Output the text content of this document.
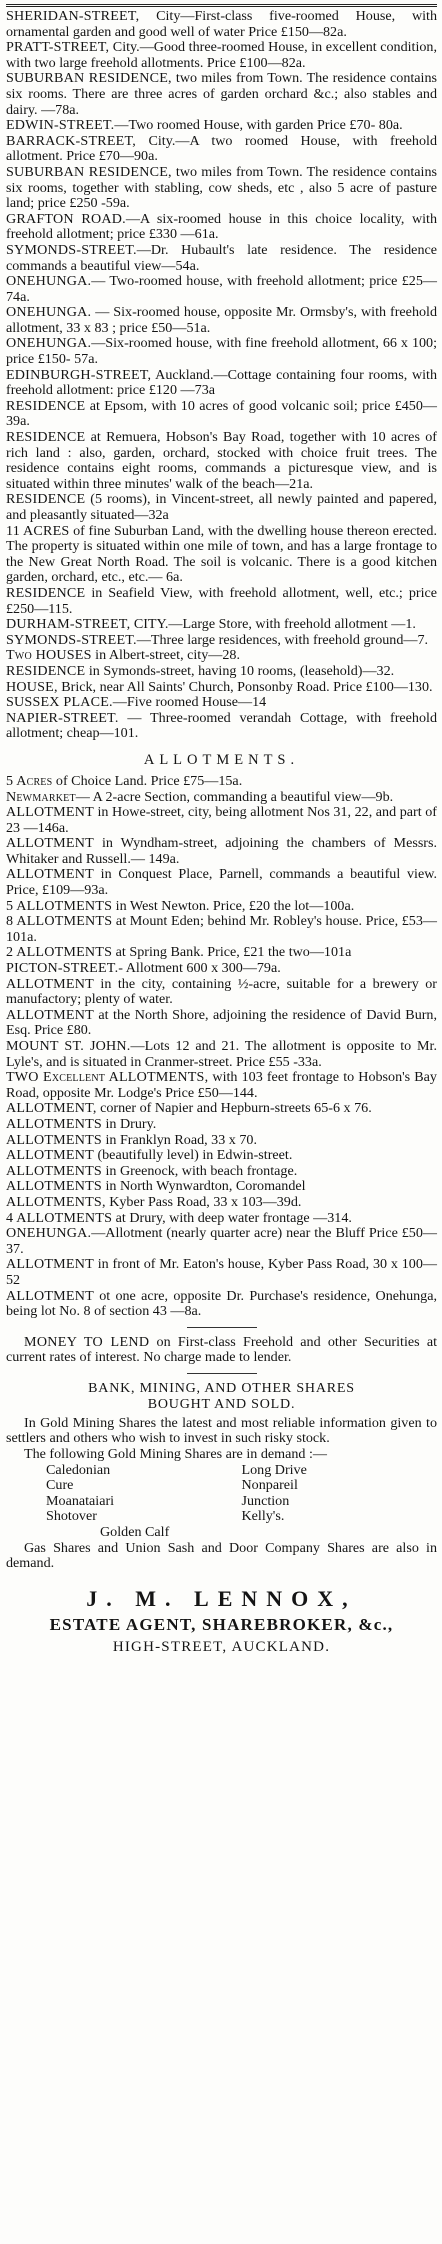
SHERIDAN-STREET, City—First-class five-roomed House, with ornamental garden and good well of water Price £150—82a.

PRATT-STREET, City.—Good three-roomed House, in excellent condition, with two large freehold allotments. Price £100—82a.

SUBURBAN RESIDENCE, two miles from Town. The residence contains six rooms. There are three acres of garden orchard &c.; also stables and dairy. —78a.

EDWIN-STREET.—Two roomed House, with garden Price £70- 80a.

BARRACK-STREET, City.—A two roomed House, with freehold allotment. Price £70—90a.

SUBURBAN RESIDENCE, two miles from Town. The residence contains six rooms, together with stabling, cow sheds, etc , also 5 acre of pasture land; price £250 -59a.

GRAFTON ROAD.—A six-roomed house in this choice locality, with freehold allotment; price £330 —61a.

SYMONDS-STREET.—Dr. Hubault's late residence. The residence commands a beautiful view—54a.

ONEHUNGA.— Two-roomed house, with freehold allotment; price £25—74a.

ONEHUNGA. — Six-roomed house, opposite Mr. Ormsby's, with freehold allotment, 33 x 83 ; price £50—51a.

ONEHUNGA.—Six-roomed house, with fine freehold allotment, 66 x 100; price £150- 57a.

EDINBURGH-STREET, Auckland.—Cottage containing four rooms, with freehold allotment: price £120 —73a

RESIDENCE at Epsom, with 10 acres of good volcanic soil; price £450—39a.

RESIDENCE at Remuera, Hobson's Bay Road, together with 10 acres of rich land : also, garden, orchard, stocked with choice fruit trees. The residence contains eight rooms, commands a picturesque view, and is situated within three minutes' walk of the beach—21a.

RESIDENCE (5 rooms), in Vincent-street, all newly painted and papered, and pleasantly situated—32a

11 ACRES of fine Suburban Land, with the dwelling house thereon erected. The property is situated within one mile of town, and has a large frontage to the New Great North Road. The soil is volcanic. There is a good kitchen garden, orchard, etc., etc.— 6a.

RESIDENCE in Seafield View, with freehold allotment, well, etc.; price £250—115.

DURHAM-STREET, CITY.—Large Store, with freehold allotment —1.

SYMONDS-STREET.—Three large residences, with freehold ground—7.

Two HOUSES in Albert-street, city—28.

RESIDENCE in Symonds-street, having 10 rooms, (leasehold)—32.

HOUSE, Brick, near All Saints' Church, Ponsonby Road. Price £100—130.

SUSSEX PLACE.—Five roomed House—14

NAPIER-STREET. — Three-roomed verandah Cottage, with freehold allotment; cheap—101.

ALLOTMENTS.

5 Acres of Choice Land. Price £75—15a.

Newmarket— A 2-acre Section, commanding a beautiful view—9b.

ALLOTMENT in Howe-street, city, being allotment Nos 31, 22, and part of 23 —146a.

ALLOTMENT in Wyndham-street, adjoining the chambers of Messrs. Whitaker and Russell.— 149a.

ALLOTMENT in Conquest Place, Parnell, commands a beautiful view. Price, £109—93a.

5 ALLOTMENTS in West Newton. Price, £20 the lot—100a.

8 ALLOTMENTS at Mount Eden; behind Mr. Robley's house. Price, £53—101a.

2 ALLOTMENTS at Spring Bank. Price, £21 the two—101a

PICTON-STREET.- Allotment 600 x 300—79a.

ALLOTMENT in the city, containing ½-acre, suitable for a brewery or manufactory; plenty of water.

ALLOTMENT at the North Shore, adjoining the residence of David Burn, Esq. Price £80.

MOUNT ST. JOHN.—Lots 12 and 21. The allotment is opposite to Mr. Lyle's, and is situated in Cranmer-street. Price £55 -33a.

TWO Excellent ALLOTMENTS, with 103 feet frontage to Hobson's Bay Road, opposite Mr. Lodge's Price £50—144.

ALLOTMENT, corner of Napier and Hepburn-streets 65-6 x 76.

ALLOTMENTS in Drury.

ALLOTMENTS in Franklyn Road, 33 x 70.

ALLOTMENT (beautifully level) in Edwin-street.

ALLOTMENTS in Greenock, with beach frontage.

ALLOTMENTS in North Wynwardton, Coromandel

ALLOTMENTS, Kyber Pass Road, 33 x 103—39d.

4 ALLOTMENTS at Drury, with deep water frontage —314.

ONEHUNGA.—Allotment (nearly quarter acre) near the Bluff Price £50—37.

ALLOTMENT in front of Mr. Eaton's house, Kyber Pass Road, 30 x 100—52

ALLOTMENT ot one acre, opposite Dr. Purchase's residence, Onehunga, being lot No. 8 of section 43 —8a.

MONEY TO LEND on First-class Freehold and other Securities at current rates of interest. No charge made to lender.

BANK, MINING, AND OTHER SHARES
BOUGHT AND SOLD.

In Gold Mining Shares the latest and most reliable information given to settlers and others who wish to invest in such risky stock.

The following Gold Mining Shares are in demand :—

Caledonian	Long Drive
Cure	Nonpareil
Moanataiari	Junction
Shotover	Kelly's.
Golden Calf

Gas Shares and Union Sash and Door Company Shares are also in demand.

J. M. LENNOX,
ESTATE AGENT, SHAREBROKER, &c.,
HIGH-STREET, AUCKLAND.
